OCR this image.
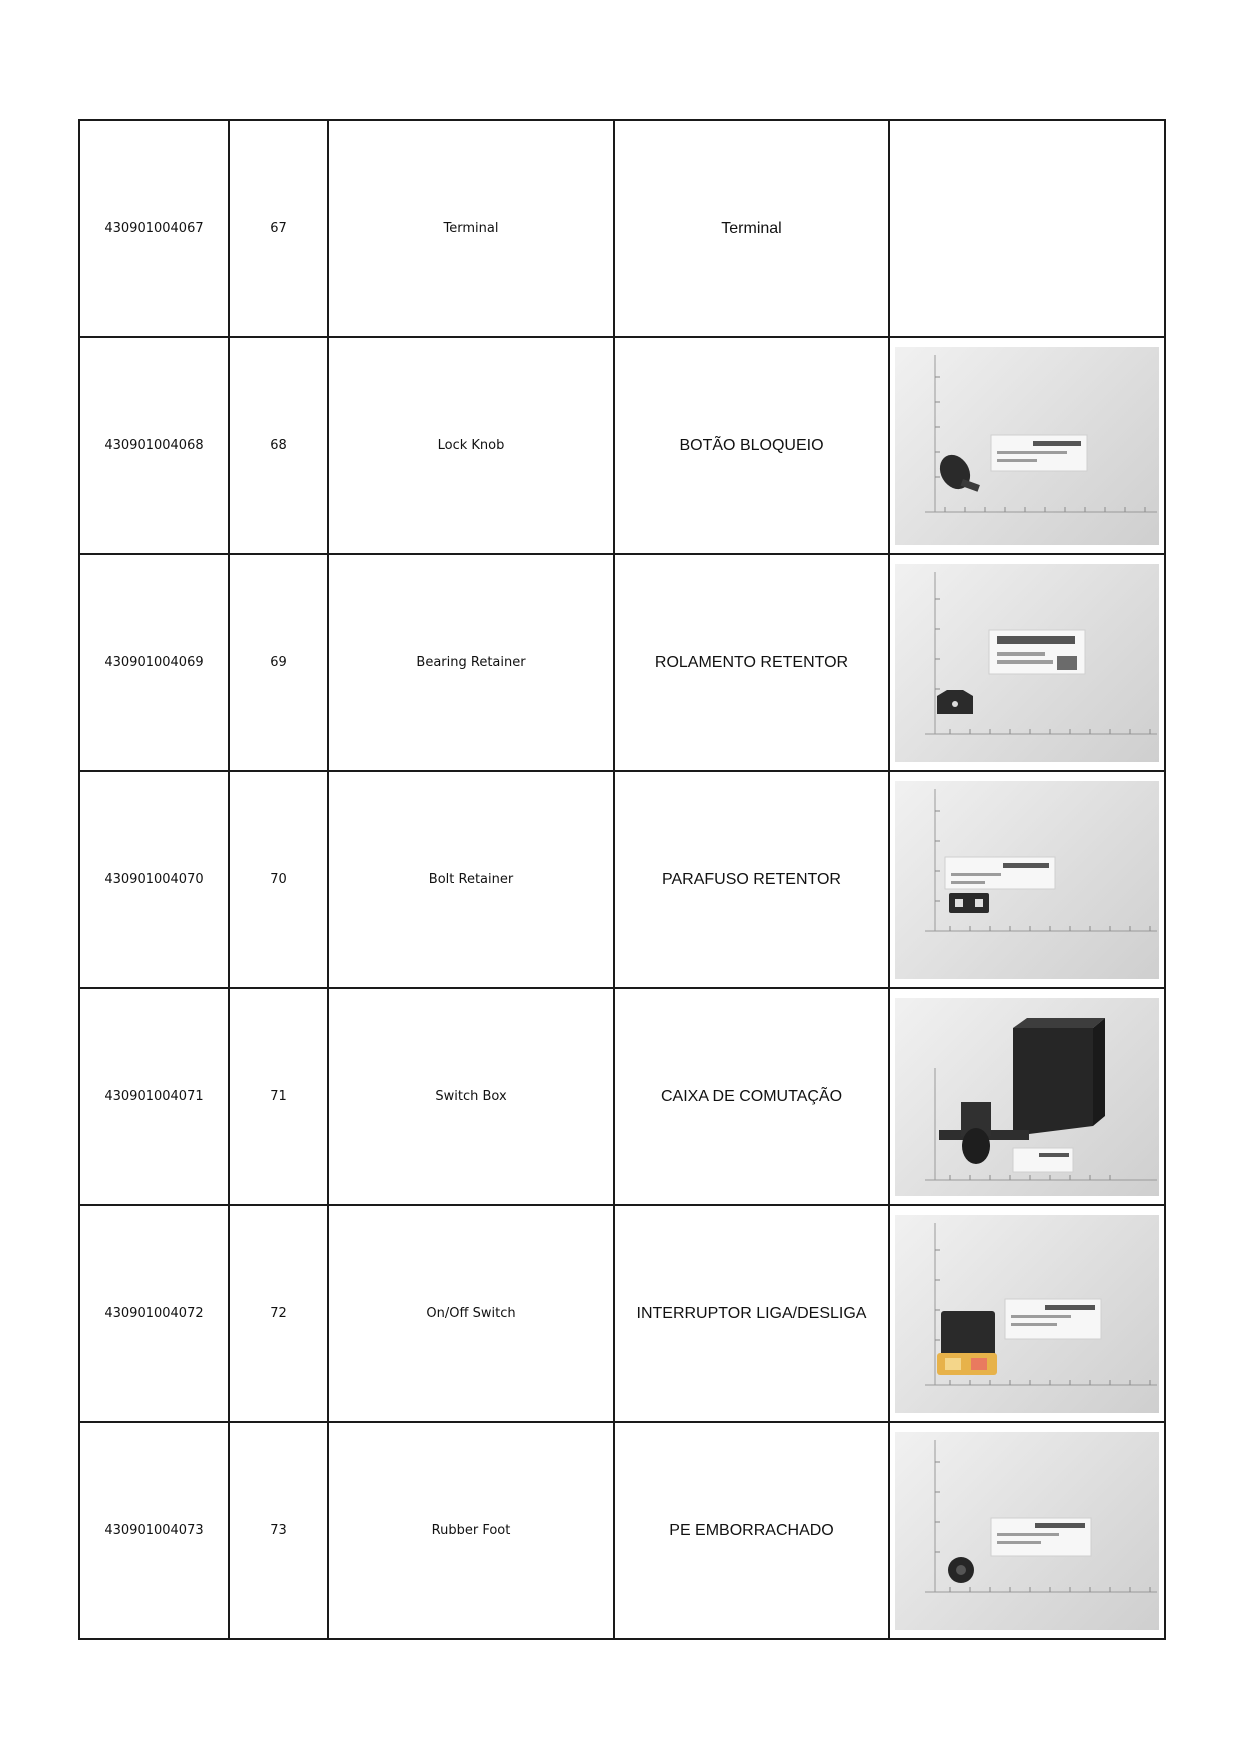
430901004067	67	Terminal	Terminal	
430901004068	68	Lock Knob	BOTÃO BLOQUEIO	

430901004069	69	Bearing Retainer	ROLAMENTO RETENTOR	

430901004070	70	Bolt Retainer	PARAFUSO RETENTOR	

430901004071	71	Switch Box	CAIXA DE COMUTAÇÃO	

430901004072	72	On/Off Switch	INTERRUPTOR LIGA/DESLIGA	

430901004073	73	Rubber Foot	PE EMBORRACHADO	
